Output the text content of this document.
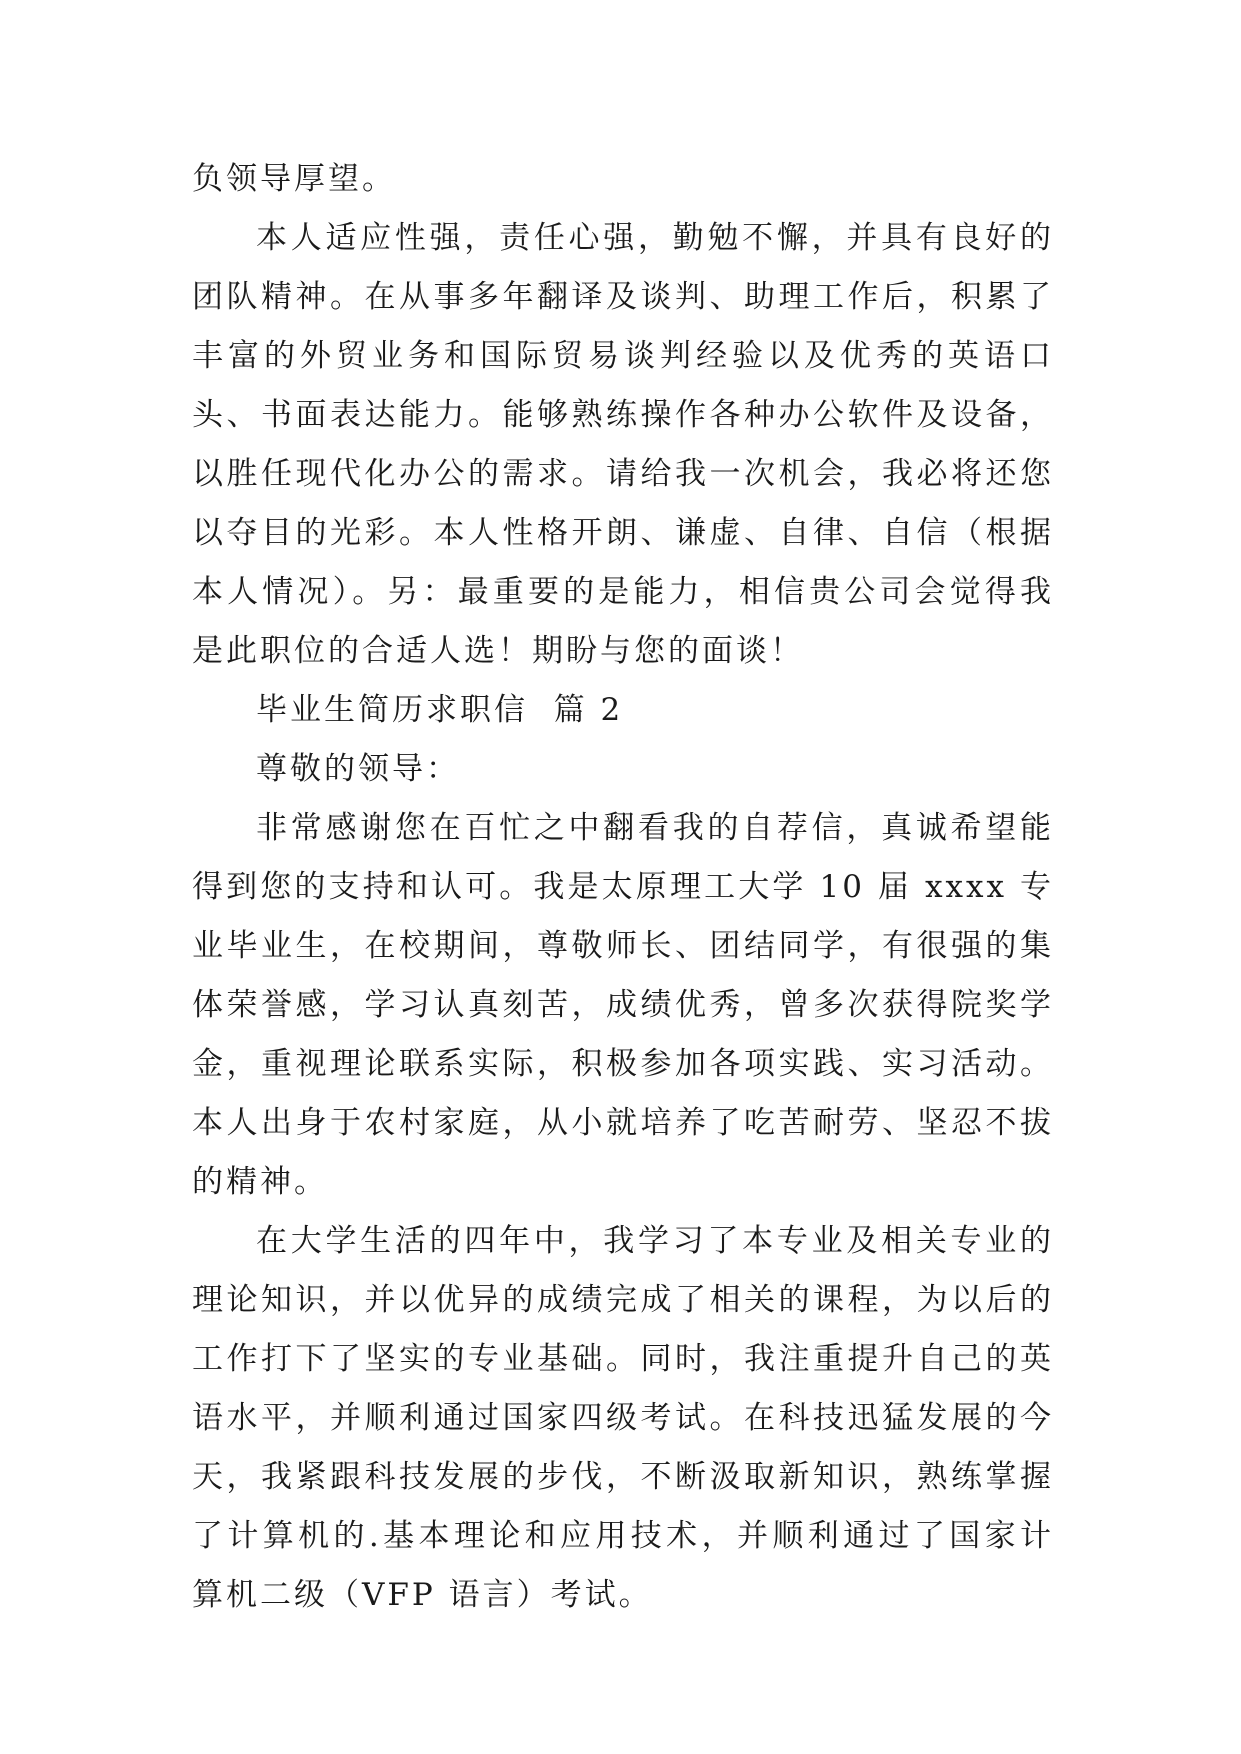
负领导厚望。

本人适应性强，责任心强，勤勉不懈，并具有良好的团队精神。在从事多年翻译及谈判、助理工作后，积累了丰富的外贸业务和国际贸易谈判经验以及优秀的英语口头、书面表达能力。能够熟练操作各种办公软件及设备，以胜任现代化办公的需求。请给我一次机会，我必将还您以夺目的光彩。本人性格开朗、谦虚、自律、自信（根据本人情况）。另：最重要的是能力，相信贵公司会觉得我是此职位的合适人选！期盼与您的面谈！

毕业生简历求职信  篇 2

尊敬的领导：

非常感谢您在百忙之中翻看我的自荐信，真诚希望能得到您的支持和认可。我是太原理工大学 10 届 xxxx 专业毕业生，在校期间，尊敬师长、团结同学，有很强的集体荣誉感，学习认真刻苦，成绩优秀，曾多次获得院奖学金，重视理论联系实际，积极参加各项实践、实习活动。本人出身于农村家庭，从小就培养了吃苦耐劳、坚忍不拔的精神。

在大学生活的四年中，我学习了本专业及相关专业的理论知识，并以优异的成绩完成了相关的课程，为以后的工作打下了坚实的专业基础。同时，我注重提升自己的英语水平，并顺利通过国家四级考试。在科技迅猛发展的今天，我紧跟科技发展的步伐，不断汲取新知识，熟练掌握了计算机的.基本理论和应用技术，并顺利通过了国家计算机二级（VFP 语言）考试。
